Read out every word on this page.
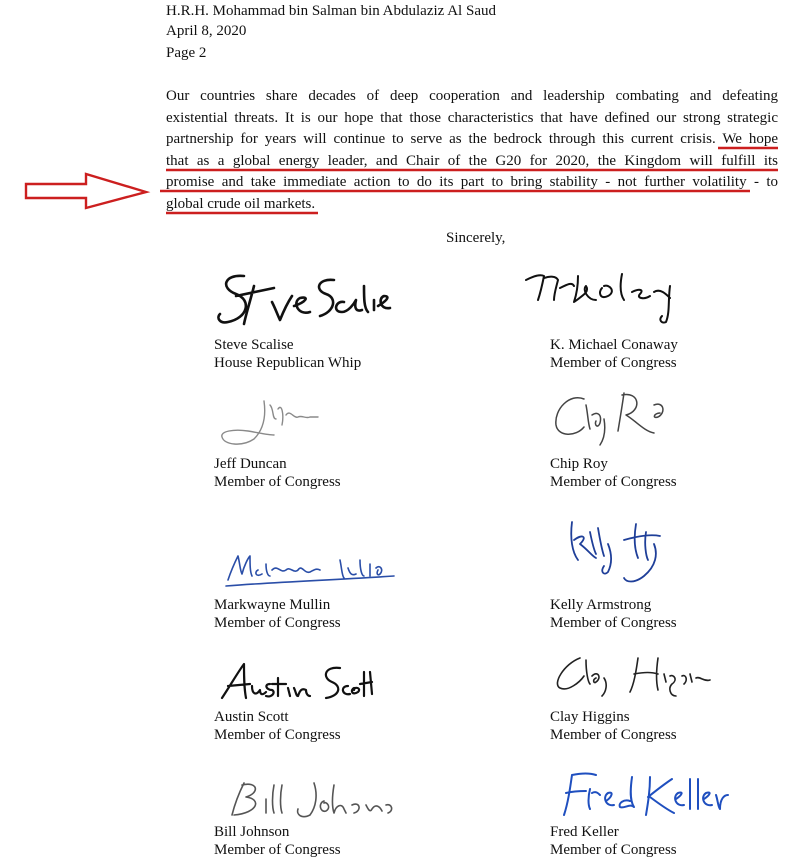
H.R.H. Mohammad bin Salman bin Abdulaziz Al Saud
April 8, 2020
Page 2
Our countries share decades of deep cooperation and leadership combating and defeating
existential threats. It is our hope that those characteristics that have defined our strong strategic
partnership for years will continue to serve as the bedrock through this current crisis. We hope
that as a global energy leader, and Chair of the G20 for 2020, the Kingdom will fulfill its
promise and take immediate action to do its part to bring stability - not further volatility - to
global crude oil markets.
Sincerely,
Steve Scalise
House Republican Whip
K. Michael Conaway
Member of Congress
Jeff Duncan
Member of Congress
Chip Roy
Member of Congress
Markwayne Mullin
Member of Congress
Kelly Armstrong
Member of Congress
Austin Scott
Member of Congress
Clay Higgins
Member of Congress
Bill Johnson
Member of Congress
Fred Keller
Member of Congress
